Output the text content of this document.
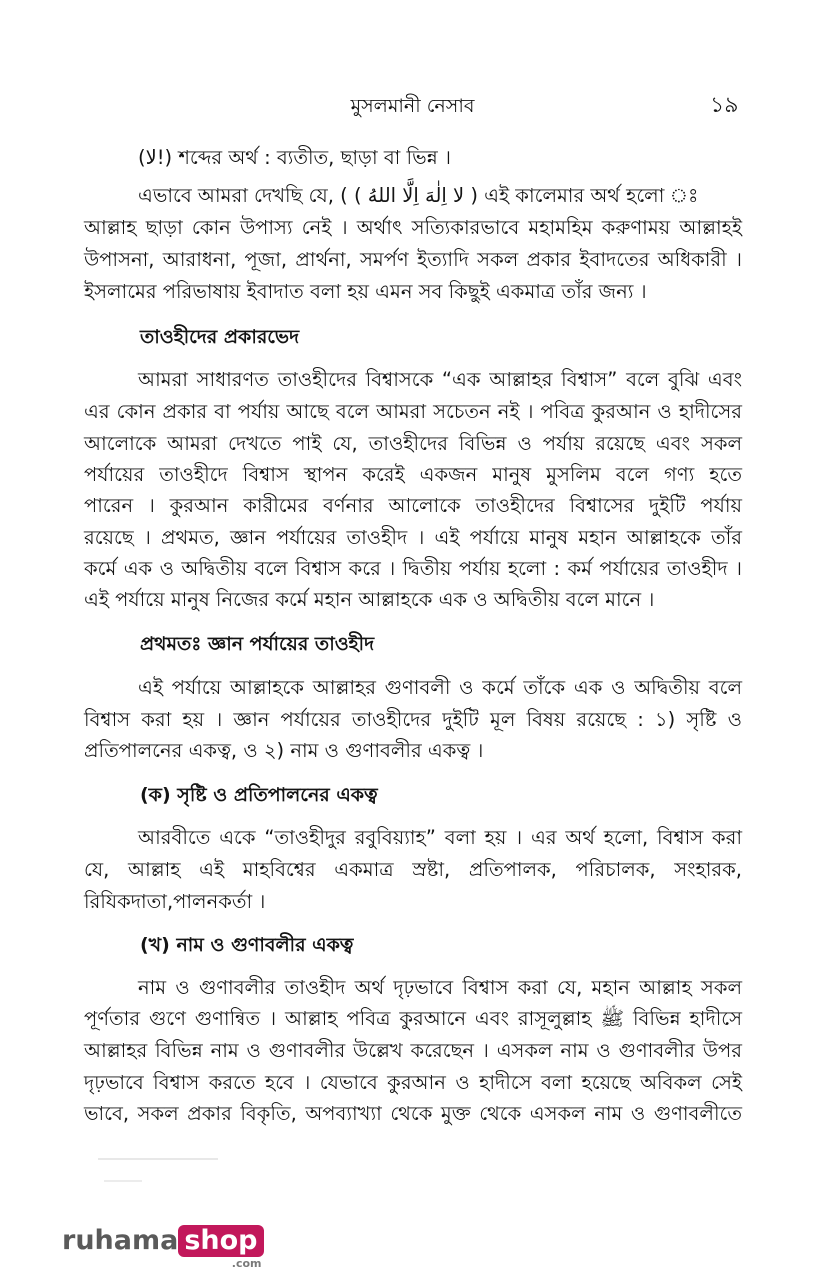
মুসলমানী নেসাব	১৯
(ﻻ!) শব্দের অর্থ : ব্যতীত, ছাড়া বা ভিন্ন ।
এভাবে আমরা দেখছি যে, ( ( لا اِلٰهَ اِلَّا اللهُ ) এই কালেমার অর্থ হলো ঃ
আল্লাহ ছাড়া কোন উপাস্য নেই । অর্থাৎ সত্যিকারভাবে মহামহিম করুণাময় আল্লাহই
উপাসনা, আরাধনা, পূজা, প্রার্থনা, সমর্পণ ইত্যাদি সকল প্রকার ইবাদতের অধিকারী ।
ইসলামের পরিভাষায় ইবাদাত বলা হয় এমন সব কিছুই একমাত্র তাঁর জন্য ।
তাওহীদের প্রকারভেদ
আমরা সাধারণত তাওহীদের বিশ্বাসকে “এক আল্লাহর বিশ্বাস” বলে বুঝি এবং
এর কোন প্রকার বা পর্যায় আছে বলে আমরা সচেতন নই । পবিত্র কুরআন ও হাদীসের
আলোকে আমরা দেখতে পাই যে, তাওহীদের বিভিন্ন ও পর্যায় রয়েছে এবং সকল
পর্যায়ের তাওহীদে বিশ্বাস স্থাপন করেই একজন মানুষ মুসলিম বলে গণ্য হতে
পারেন । কুরআন কারীমের বর্ণনার আলোকে তাওহীদের বিশ্বাসের দুইটি পর্যায়
রয়েছে । প্রথমত, জ্ঞান পর্যায়ের তাওহীদ । এই পর্যায়ে মানুষ মহান আল্লাহকে তাঁর
কর্মে এক ও অদ্বিতীয় বলে বিশ্বাস করে । দ্বিতীয় পর্যায় হলো : কর্ম পর্যায়ের তাওহীদ ।
এই পর্যায়ে মানুষ নিজের কর্মে মহান আল্লাহকে এক ও অদ্বিতীয় বলে মানে ।
প্রথমতঃ জ্ঞান পর্যায়ের তাওহীদ
এই পর্যায়ে আল্লাহকে আল্লাহর গুণাবলী ও কর্মে তাঁকে এক ও অদ্বিতীয় বলে
বিশ্বাস করা হয় । জ্ঞান পর্যায়ের তাওহীদের দুইটি মূল বিষয় রয়েছে : ১) সৃষ্টি ও
প্রতিপালনের একত্ব, ও ২) নাম ও গুণাবলীর একত্ব ।
(ক) সৃষ্টি ও প্রতিপালনের একত্ব
আরবীতে একে “তাওহীদুর রবুবিয়্যাহ” বলা হয় । এর অর্থ হলো, বিশ্বাস করা
যে, আল্লাহ এই মাহবিশ্বের একমাত্র স্রষ্টা, প্রতিপালক, পরিচালক, সংহারক,
রিযিকদাতা,পালনকর্তা ।
(খ) নাম ও গুণাবলীর একত্ব
নাম ও গুণাবলীর তাওহীদ অর্থ দৃঢ়ভাবে বিশ্বাস করা যে, মহান আল্লাহ সকল
পূর্ণতার গুণে গুণান্বিত । আল্লাহ পবিত্র কুরআনে এবং রাসূলুল্লাহ ﷺ বিভিন্ন হাদীসে
আল্লাহর বিভিন্ন নাম ও গুণাবলীর উল্লেখ করেছেন । এসকল নাম ও গুণাবলীর উপর
দৃঢ়ভাবে বিশ্বাস করতে হবে । যেভাবে কুরআন ও হাদীসে বলা হয়েছে অবিকল সেই
ভাবে, সকল প্রকার বিকৃতি, অপব্যাখ্যা থেকে মুক্ত থেকে এসকল নাম ও গুণাবলীতে
ruhama shop
.com
